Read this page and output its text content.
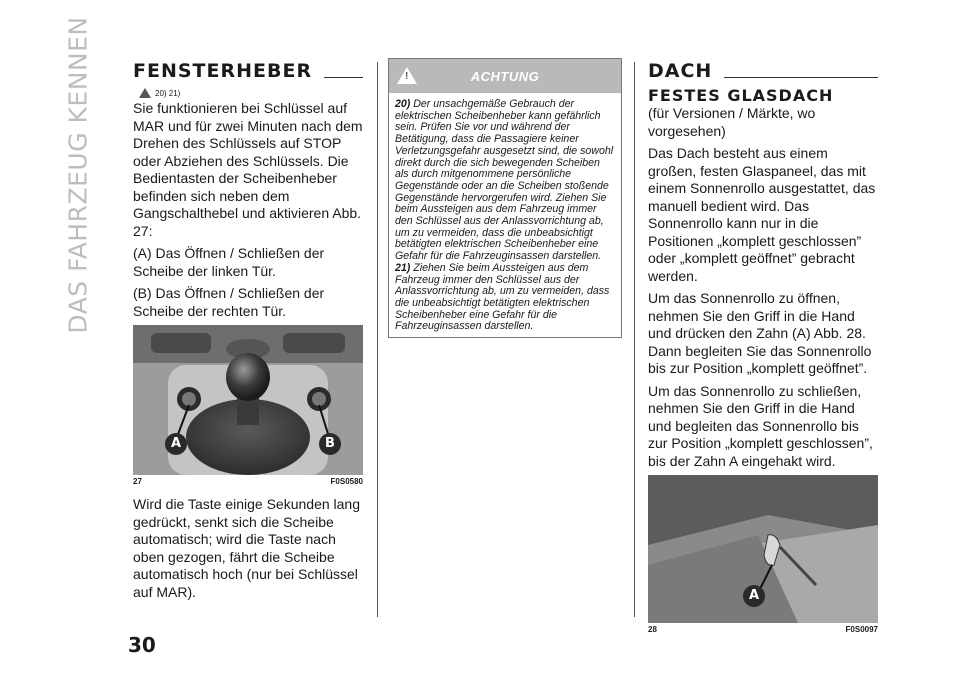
DAS FAHRZEUG KENNEN
30
FENSTERHEBER
20) 21)

Sie funktionieren bei Schlüssel auf MAR und für zwei Minuten nach dem Drehen des Schlüssels auf STOP oder Abziehen des Schlüssels. Die Bedientasten der Scheibenheber befinden sich neben dem Gangschalthebel und aktivieren Abb. 27:

(A) Das Öffnen / Schließen der Scheibe der linken Tür.

(B) Das Öffnen / Schließen der Scheibe der rechten Tür.

A	B
27	F0S0580

Wird die Taste einige Sekunden lang gedrückt, senkt sich die Scheibe automatisch; wird die Taste nach oben gezogen, fährt die Scheibe automatisch hoch (nur bei Schlüssel auf MAR).

!	ACHTUNG

20) Der unsachgemäße Gebrauch der elektrischen Scheibenheber kann gefährlich sein. Prüfen Sie vor und während der Betätigung, dass die Passagiere keiner Verletzungsgefahr ausgesetzt sind, die sowohl direkt durch die sich bewegenden Scheiben als durch mitgenommene persönliche Gegenstände oder an die Scheiben stoßende Gegenstände hervorgerufen wird. Ziehen Sie beim Aussteigen aus dem Fahrzeug immer den Schlüssel aus der Anlassvorrichtung ab, um zu vermeiden, dass die unbeabsichtigt betätigten elektrischen Scheibenheber eine Gefahr für die Fahrzeuginsassen darstellen.

21) Ziehen Sie beim Aussteigen aus dem Fahrzeug immer den Schlüssel aus der Anlassvorrichtung ab, um zu vermeiden, dass die unbeabsichtigt betätigten elektrischen Scheibenheber eine Gefahr für die Fahrzeuginsassen darstellen.

DACH
FESTES GLASDACH

(für Versionen / Märkte, wo vorgesehen)

Das Dach besteht aus einem großen, festen Glaspaneel, das mit einem Sonnenrollo ausgestattet, das manuell bedient wird. Das Sonnenrollo kann nur in die Positionen „komplett geschlossen” oder „komplett geöffnet” gebracht werden.

Um das Sonnenrollo zu öffnen, nehmen Sie den Griff in die Hand und drücken den Zahn (A) Abb. 28. Dann begleiten Sie das Sonnenrollo bis zur Position „komplett geöffnet”.

Um das Sonnenrollo zu schließen, nehmen Sie den Griff in die Hand und begleiten das Sonnenrollo bis zur Position „komplett geschlossen”, bis der Zahn A eingehakt wird.

A
28	F0S0097
